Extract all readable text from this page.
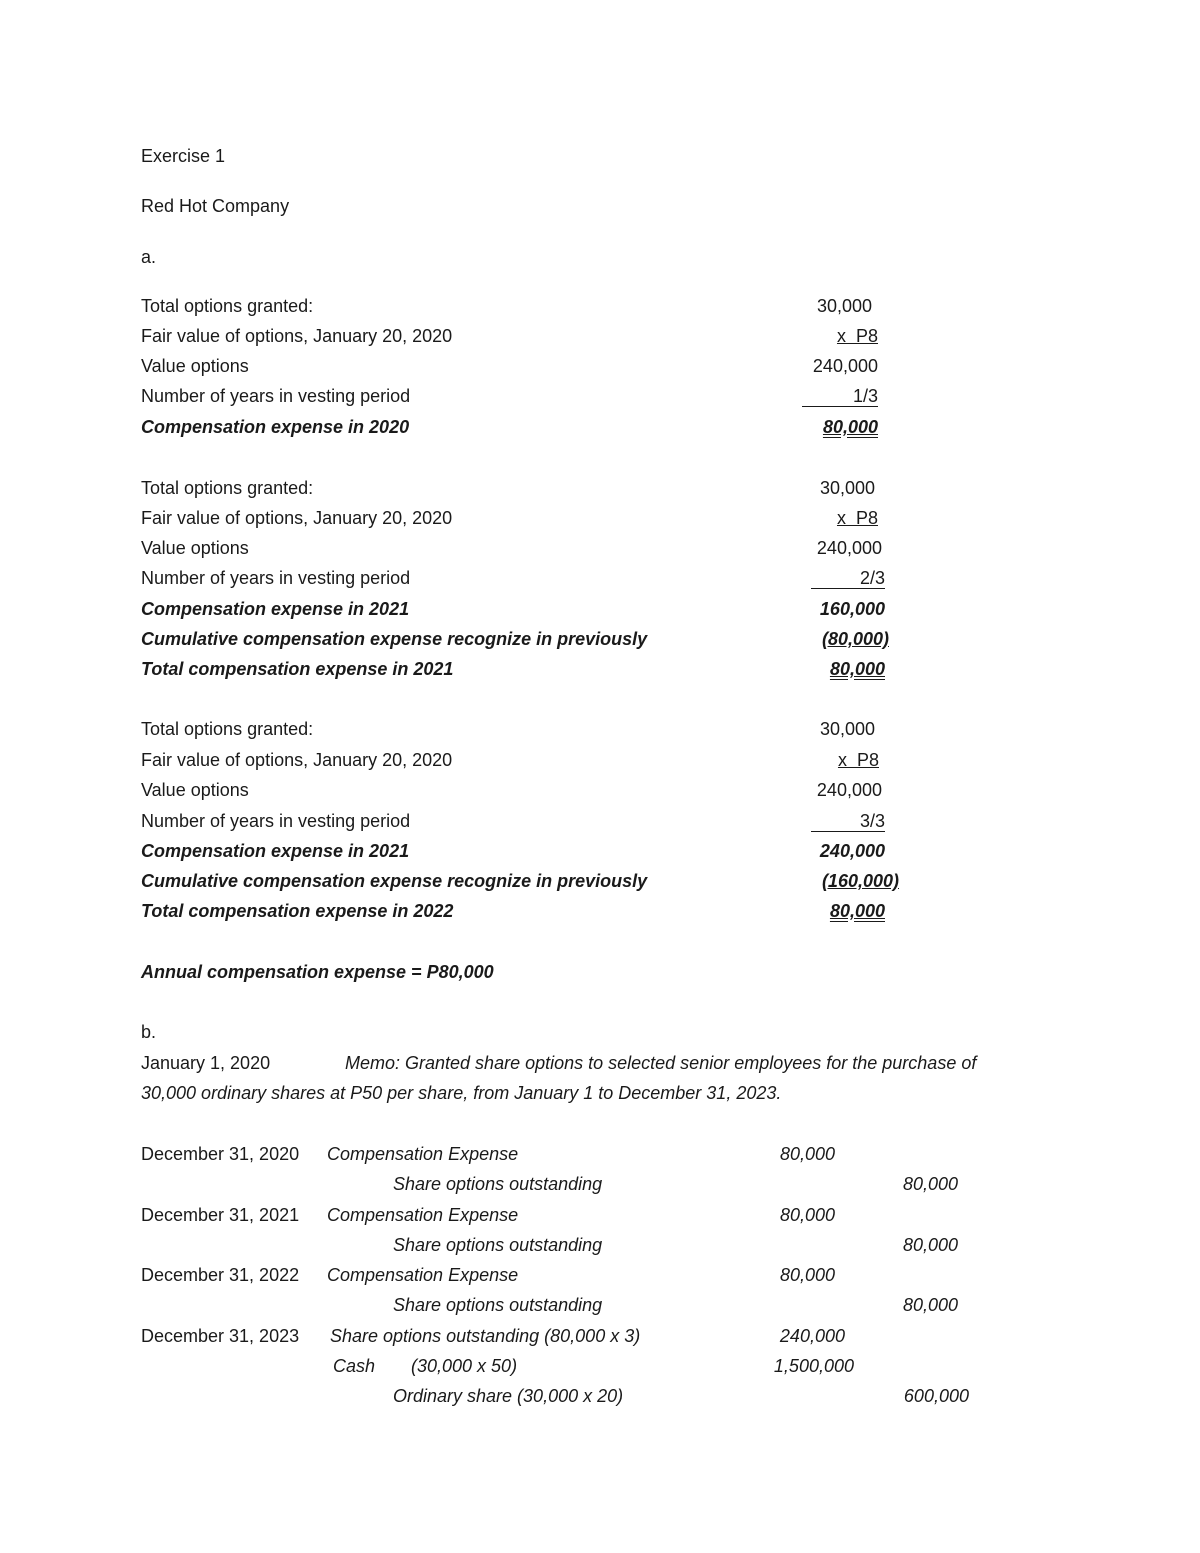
Exercise 1
Red Hot Company
a.
Total options granted:	30,000
Fair value of options, January 20, 2020	x  P8
Value options	240,000
Number of years in vesting period	1/3
Compensation expense in 2020	80,000
Total options granted:	30,000
Fair value of options, January 20, 2020	x  P8
Value options	240,000
Number of years in vesting period	2/3
Compensation expense in 2021	160,000
Cumulative compensation expense recognize in previously	(80,000)
Total compensation expense in 2021	80,000
Total options granted:	30,000
Fair value of options, January 20, 2020	x  P8
Value options	240,000
Number of years in vesting period	3/3
Compensation expense in 2021	240,000
Cumulative compensation expense recognize in previously	(160,000)
Total compensation expense in 2022	80,000
Annual compensation expense = P80,000
b.
January 1, 2020	Memo: Granted share options to selected senior employees for the purchase of
30,000 ordinary shares at P50 per share, from January 1 to December 31, 2023.
December 31, 2020 Compensation Expense	80,000
Share options outstanding	80,000
December 31, 2021 Compensation Expense	80,000
Share options outstanding	80,000
December 31, 2022 Compensation Expense	80,000
Share options outstanding	80,000
December 31, 2023 Share options outstanding (80,000 x 3)	240,000
Cash (30,000 x 50)	1,500,000
Ordinary share (30,000 x 20)	600,000
